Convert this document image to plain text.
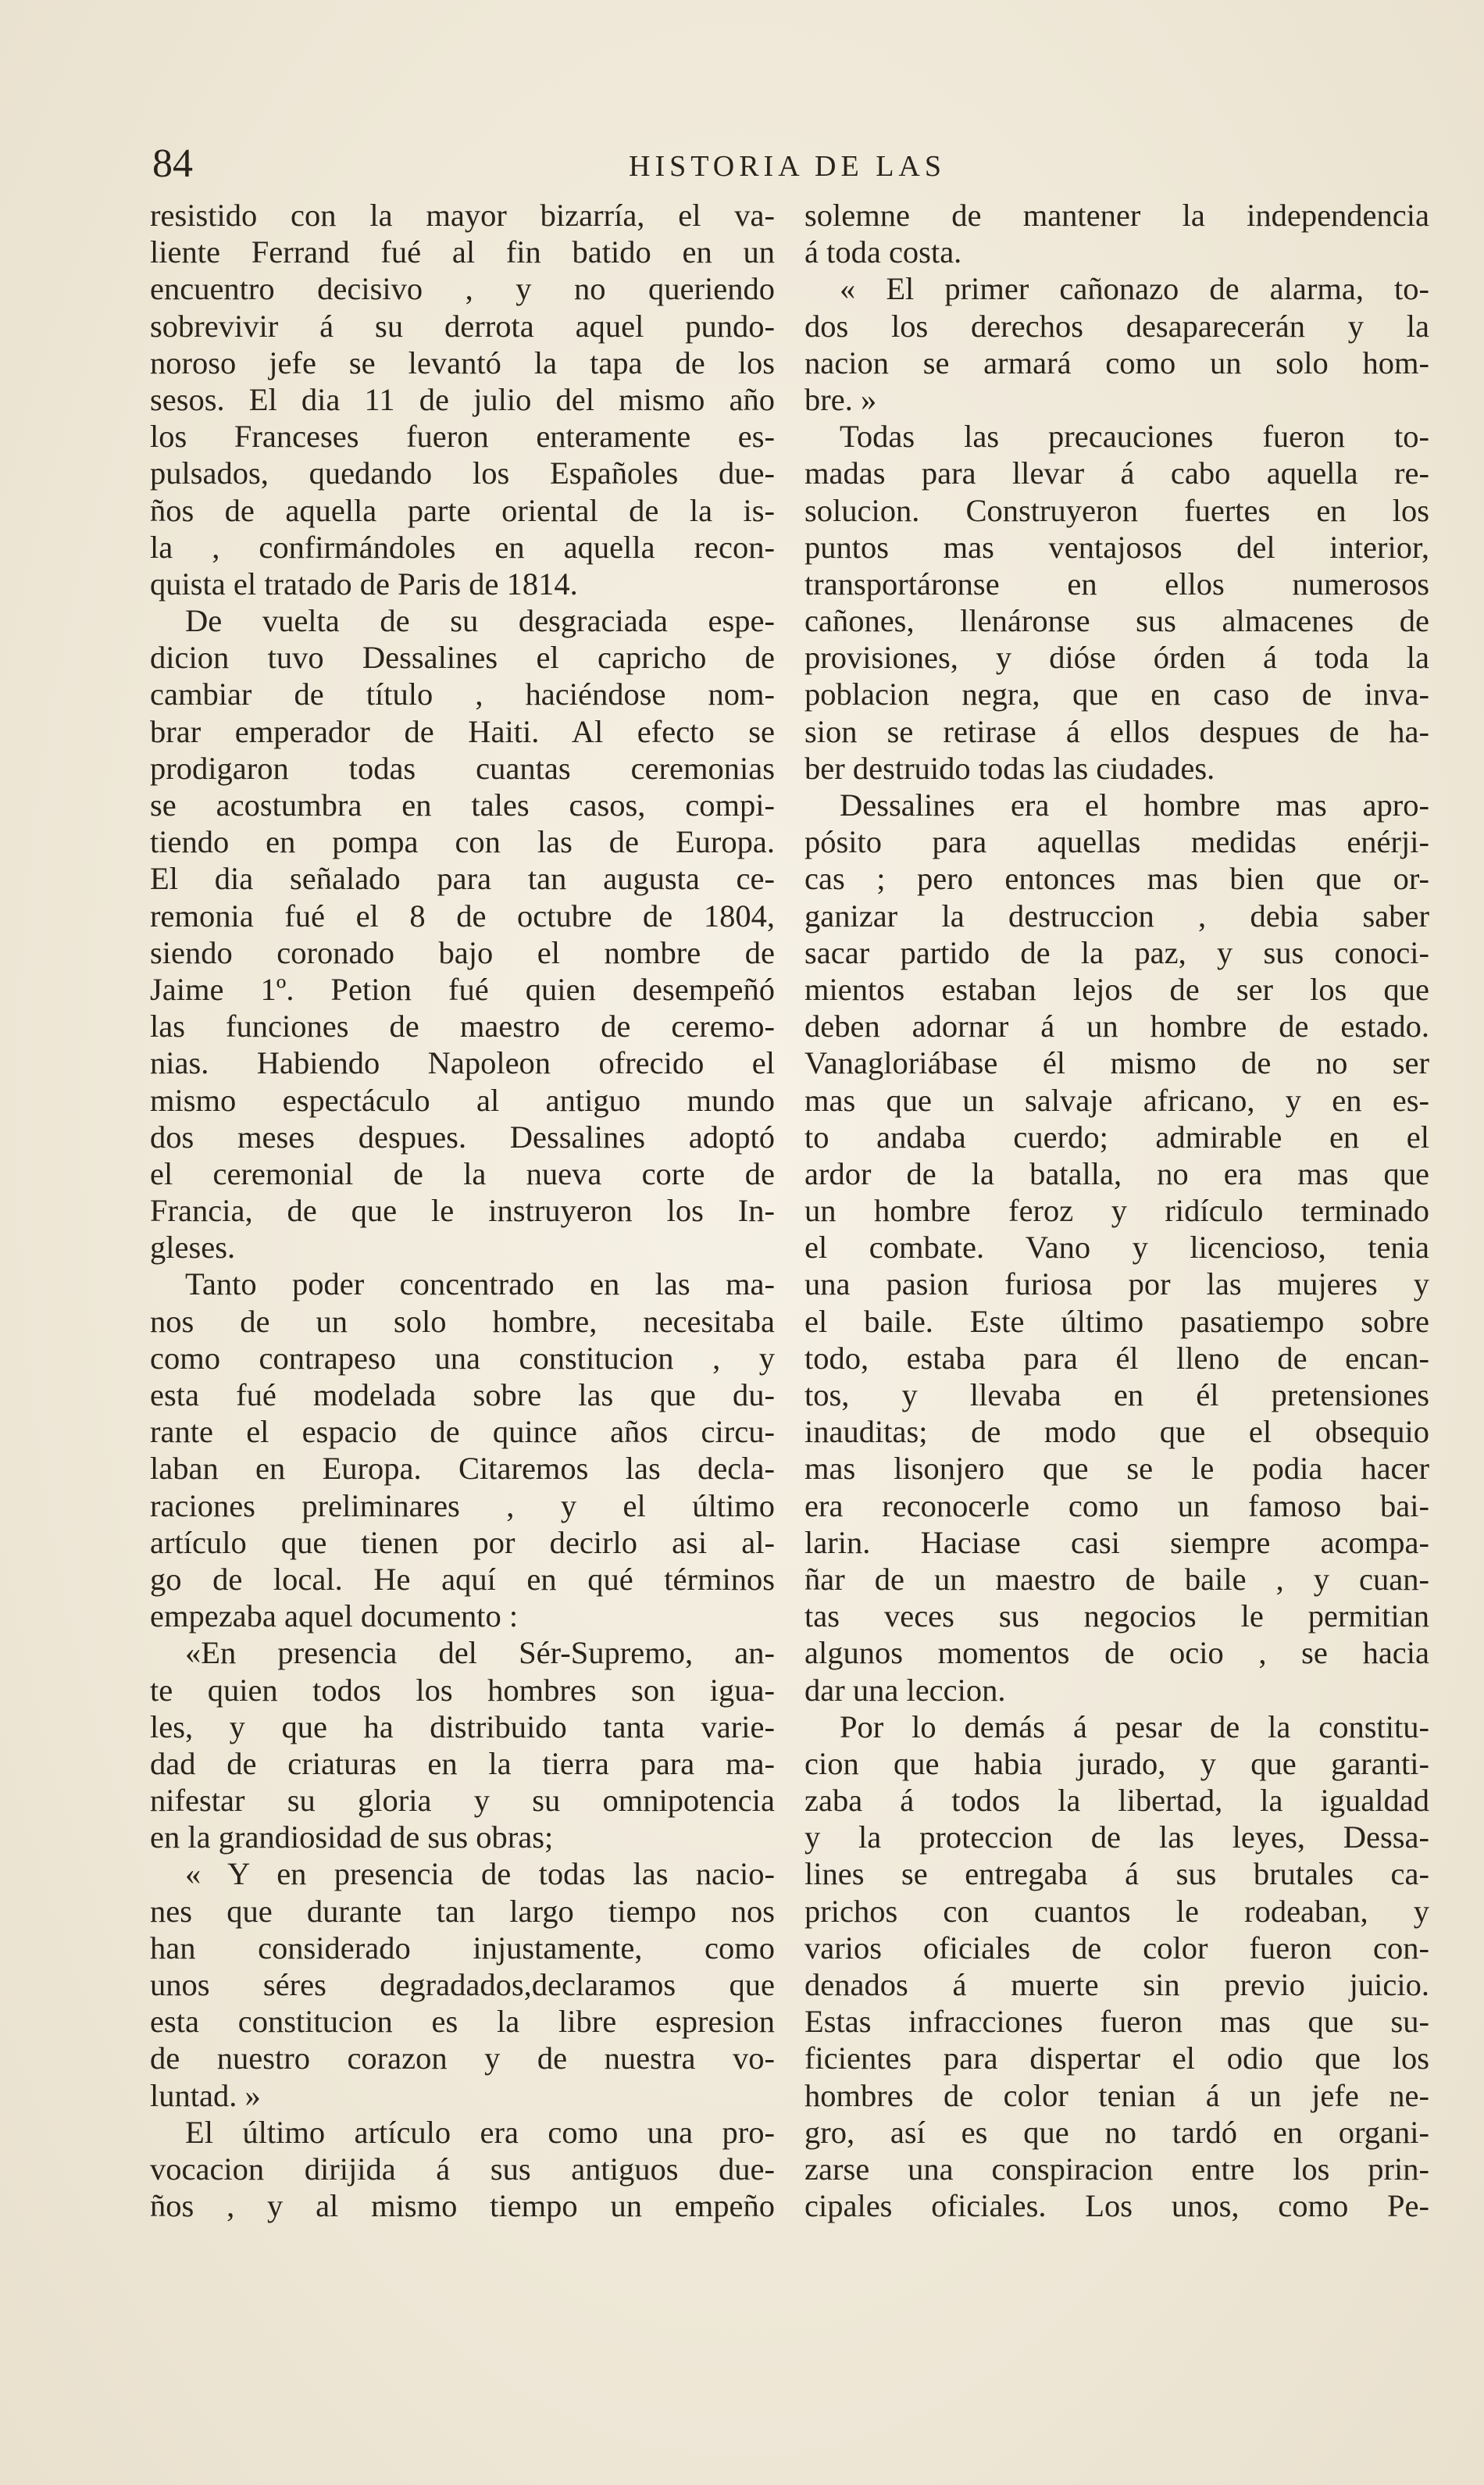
84	HISTORIA DE LAS
resistido con la mayor bizarría, el va-
liente Ferrand fué al fin batido en un
encuentro decisivo , y no queriendo
sobrevivir á su derrota aquel pundo-
noroso jefe se levantó la tapa de los
sesos. El dia 11 de julio del mismo año
los Franceses fueron enteramente es-
pulsados, quedando los Españoles due-
ños de aquella parte oriental de la is-
la , confirmándoles en aquella recon-
quista el tratado de Paris de 1814.
De vuelta de su desgraciada espe-
dicion tuvo Dessalines el capricho de
cambiar de título , haciéndose nom-
brar emperador de Haiti. Al efecto se
prodigaron todas cuantas ceremonias
se acostumbra en tales casos, compi-
tiendo en pompa con las de Europa.
El dia señalado para tan augusta ce-
remonia fué el 8 de octubre de 1804,
siendo coronado bajo el nombre de
Jaime 1º. Petion fué quien desempeñó
las funciones de maestro de ceremo-
nias. Habiendo Napoleon ofrecido el
mismo espectáculo al antiguo mundo
dos meses despues. Dessalines adoptó
el ceremonial de la nueva corte de
Francia, de que le instruyeron los In-
gleses.
Tanto poder concentrado en las ma-
nos de un solo hombre, necesitaba
como contrapeso una constitucion , y
esta fué modelada sobre las que du-
rante el espacio de quince años circu-
laban en Europa. Citaremos las decla-
raciones preliminares , y el último
artículo que tienen por decirlo asi al-
go de local. He aquí en qué términos
empezaba aquel documento :
«En presencia del Sér-Supremo, an-
te quien todos los hombres son igua-
les, y que ha distribuido tanta varie-
dad de criaturas en la tierra para ma-
nifestar su gloria y su omnipotencia
en la grandiosidad de sus obras;
« Y en presencia de todas las nacio-
nes que durante tan largo tiempo nos
han considerado injustamente, como
unos séres degradados,declaramos que
esta constitucion es la libre espresion
de nuestro corazon y de nuestra vo-
luntad. »
El último artículo era como una pro-
vocacion dirijida á sus antiguos due-
ños , y al mismo tiempo un empeño
solemne de mantener la independencia
á toda costa.
« El primer cañonazo de alarma, to-
dos los derechos desaparecerán y la
nacion se armará como un solo hom-
bre. »
Todas las precauciones fueron to-
madas para llevar á cabo aquella re-
solucion. Construyeron fuertes en los
puntos mas ventajosos del interior,
transportáronse en ellos numerosos
cañones, llenáronse sus almacenes de
provisiones, y dióse órden á toda la
poblacion negra, que en caso de inva-
sion se retirase á ellos despues de ha-
ber destruido todas las ciudades.
Dessalines era el hombre mas apro-
pósito para aquellas medidas enérji-
cas ; pero entonces mas bien que or-
ganizar la destruccion , debia saber
sacar partido de la paz, y sus conoci-
mientos estaban lejos de ser los que
deben adornar á un hombre de estado.
Vanagloriábase él mismo de no ser
mas que un salvaje africano, y en es-
to andaba cuerdo; admirable en el
ardor de la batalla, no era mas que
un hombre feroz y ridículo terminado
el combate. Vano y licencioso, tenia
una pasion furiosa por las mujeres y
el baile. Este último pasatiempo sobre
todo, estaba para él lleno de encan-
tos, y llevaba en él pretensiones
inauditas; de modo que el obsequio
mas lisonjero que se le podia hacer
era reconocerle como un famoso bai-
larin. Haciase casi siempre acompa-
ñar de un maestro de baile , y cuan-
tas veces sus negocios le permitian
algunos momentos de ocio , se hacia
dar una leccion.
Por lo demás á pesar de la constitu-
cion que habia jurado, y que garanti-
zaba á todos la libertad, la igualdad
y la proteccion de las leyes, Dessa-
lines se entregaba á sus brutales ca-
prichos con cuantos le rodeaban, y
varios oficiales de color fueron con-
denados á muerte sin previo juicio.
Estas infracciones fueron mas que su-
ficientes para dispertar el odio que los
hombres de color tenian á un jefe ne-
gro, así es que no tardó en organi-
zarse una conspiracion entre los prin-
cipales oficiales. Los unos, como Pe-
